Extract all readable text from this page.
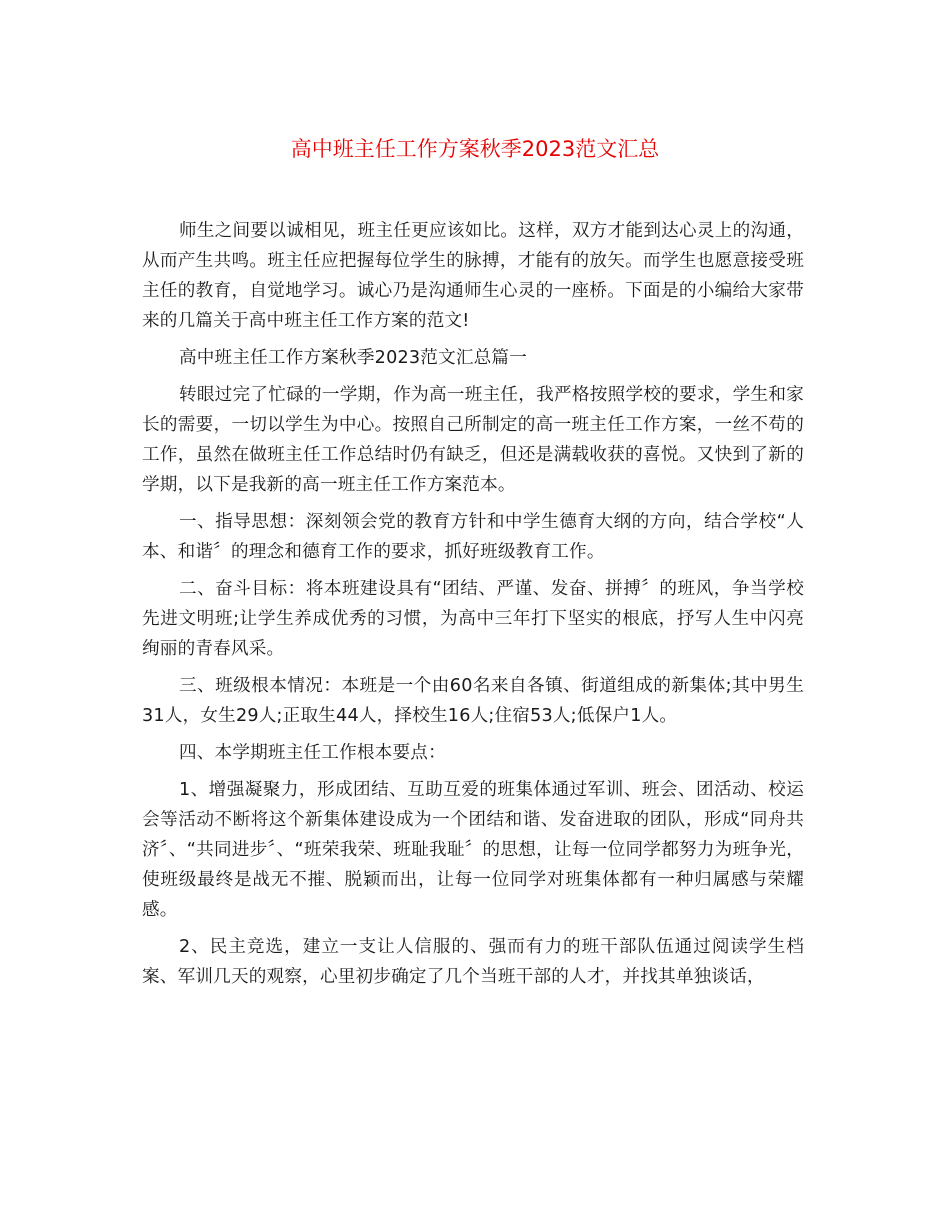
高中班主任工作方案秋季2023范文汇总

师生之间要以诚相见，班主任更应该如比。这样，双方才能到达心灵上的沟通，从而产生共鸣。班主任应把握每位学生的脉搏，才能有的放矢。而学生也愿意接受班主任的教育，自觉地学习。诚心乃是沟通师生心灵的一座桥。下面是的小编给大家带来的几篇关于高中班主任工作方案的范文!

高中班主任工作方案秋季2023范文汇总篇一

转眼过完了忙碌的一学期，作为高一班主任，我严格按照学校的要求，学生和家长的需要，一切以学生为中心。按照自己所制定的高一班主任工作方案，一丝不苟的工作，虽然在做班主任工作总结时仍有缺乏，但还是满载收获的喜悦。又快到了新的学期，以下是我新的高一班主任工作方案范本。

一、指导思想：深刻领会党的教育方针和中学生德育大纲的方向，结合学校“人本、和谐〞的理念和德育工作的要求，抓好班级教育工作。

二、奋斗目标：将本班建设具有“团结、严谨、发奋、拼搏〞的班风，争当学校先进文明班;让学生养成优秀的习惯，为高中三年打下坚实的根底，抒写人生中闪亮绚丽的青春风采。

三、班级根本情况：本班是一个由60名来自各镇、街道组成的新集体;其中男生31人，女生29人;正取生44人，择校生16人;住宿53人;低保户1人。

四、本学期班主任工作根本要点：

1、增强凝聚力，形成团结、互助互爱的班集体通过军训、班会、团活动、校运会等活动不断将这个新集体建设成为一个团结和谐、发奋进取的团队，形成“同舟共济〞、“共同进步〞、“班荣我荣、班耻我耻〞的思想，让每一位同学都努力为班争光，使班级最终是战无不摧、脱颖而出，让每一位同学对班集体都有一种归属感与荣耀感。

2、民主竞选，建立一支让人信服的、强而有力的班干部队伍通过阅读学生档案、军训几天的观察，心里初步确定了几个当班干部的人才，并找其单独谈话，
